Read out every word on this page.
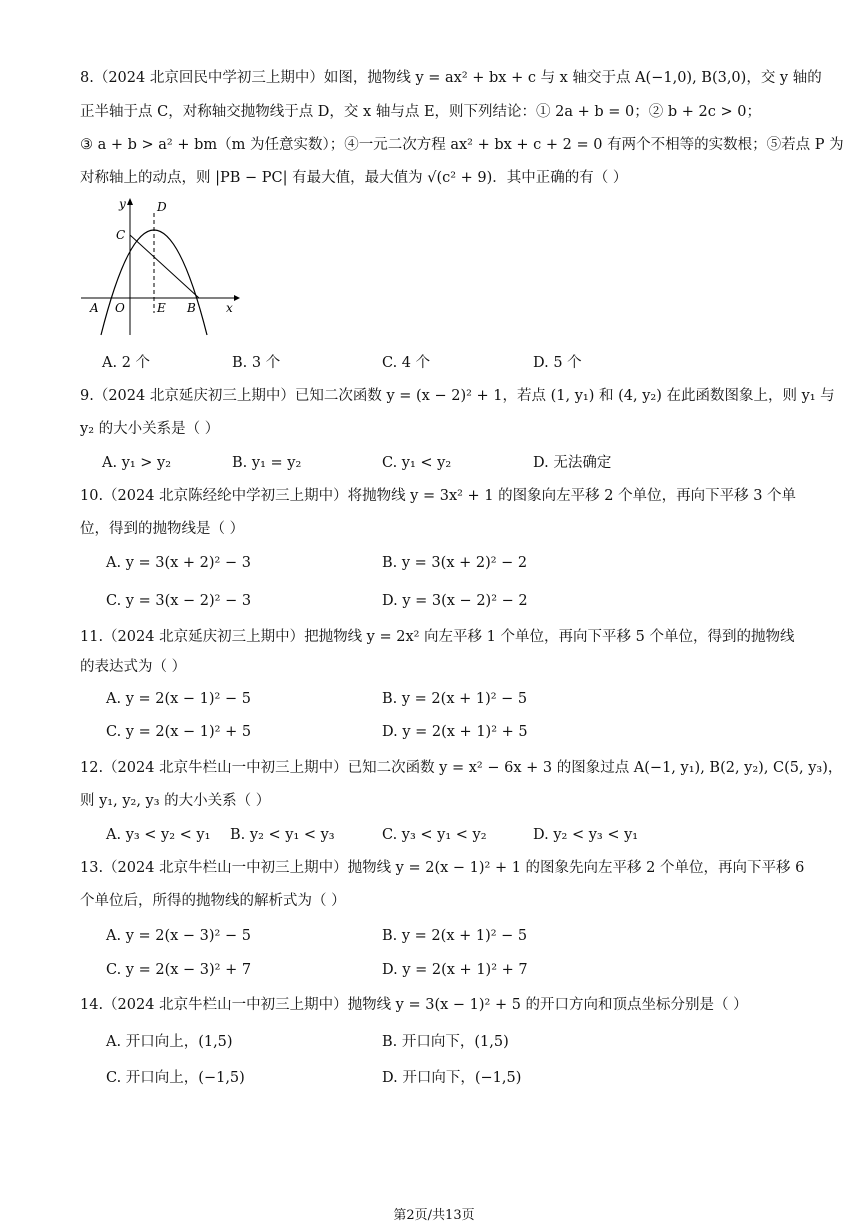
8.（2024 北京回民中学初三上期中）如图，抛物线 y = ax² + bx + c 与 x 轴交于点 A(−1,0), B(3,0)，交 y 轴的
正半轴于点 C，对称轴交抛物线于点 D，交 x 轴与点 E，则下列结论：① 2a + b = 0；② b + 2c > 0；
③ a + b > a² + bm（m 为任意实数）；④一元二次方程 ax² + bx + c + 2 = 0 有两个不相等的实数根；⑤若点 P 为
对称轴上的动点，则 |PB − PC| 有最大值，最大值为 √(c² + 9)．其中正确的有（ ）
y
x
C
D
A O	E B
A. 2 个	B. 3 个	C. 4 个	D. 5 个
9.（2024 北京延庆初三上期中）已知二次函数 y = (x − 2)² + 1，若点 (1, y₁) 和 (4, y₂) 在此函数图象上，则 y₁ 与
y₂ 的大小关系是（ ）
A. y₁ > y₂	B. y₁ = y₂	C. y₁ < y₂	D. 无法确定
10.（2024 北京陈经纶中学初三上期中）将抛物线 y = 3x² + 1 的图象向左平移 2 个单位，再向下平移 3 个单
位，得到的抛物线是（ ）
A. y = 3(x + 2)² − 3	B. y = 3(x + 2)² − 2
C. y = 3(x − 2)² − 3	D. y = 3(x − 2)² − 2
11.（2024 北京延庆初三上期中）把抛物线 y = 2x² 向左平移 1 个单位，再向下平移 5 个单位，得到的抛物线
的表达式为（ ）
A. y = 2(x − 1)² − 5	B. y = 2(x + 1)² − 5
C. y = 2(x − 1)² + 5	D. y = 2(x + 1)² + 5
12.（2024 北京牛栏山一中初三上期中）已知二次函数 y = x² − 6x + 3 的图象过点 A(−1, y₁), B(2, y₂), C(5, y₃)，
则 y₁, y₂, y₃ 的大小关系（ ）
A. y₃ < y₂ < y₁ B. y₂ < y₁ < y₃	C. y₃ < y₁ < y₂	D. y₂ < y₃ < y₁
13.（2024 北京牛栏山一中初三上期中）抛物线 y = 2(x − 1)² + 1 的图象先向左平移 2 个单位，再向下平移 6
个单位后，所得的抛物线的解析式为（ ）
A. y = 2(x − 3)² − 5	B. y = 2(x + 1)² − 5
C. y = 2(x − 3)² + 7	D. y = 2(x + 1)² + 7
14.（2024 北京牛栏山一中初三上期中）抛物线 y = 3(x − 1)² + 5 的开口方向和顶点坐标分别是（ ）
A. 开口向上，(1,5)	B. 开口向下，(1,5)
C. 开口向上，(−1,5)	D. 开口向下，(−1,5)
第2页/共13页
